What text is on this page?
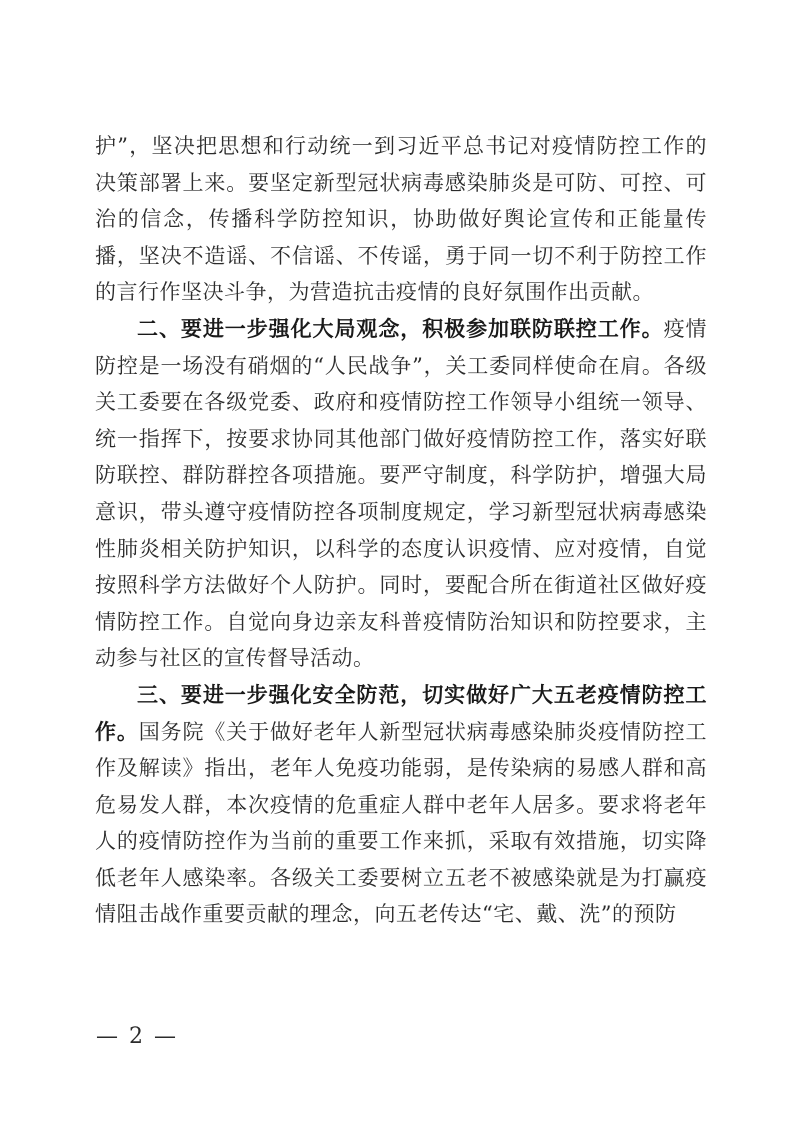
护”，坚决把思想和行动统一到习近平总书记对疫情防控工作的决策部署上来。要坚定新型冠状病毒感染肺炎是可防、可控、可治的信念，传播科学防控知识，协助做好舆论宣传和正能量传播，坚决不造谣、不信谣、不传谣，勇于同一切不利于防控工作的言行作坚决斗争，为营造抗击疫情的良好氛围作出贡献。

二、要进一步强化大局观念，积极参加联防联控工作。疫情防控是一场没有硝烟的“人民战争”，关工委同样使命在肩。各级关工委要在各级党委、政府和疫情防控工作领导小组统一领导、统一指挥下，按要求协同其他部门做好疫情防控工作，落实好联防联控、群防群控各项措施。要严守制度，科学防护，增强大局意识，带头遵守疫情防控各项制度规定，学习新型冠状病毒感染性肺炎相关防护知识，以科学的态度认识疫情、应对疫情，自觉按照科学方法做好个人防护。同时，要配合所在街道社区做好疫情防控工作。自觉向身边亲友科普疫情防治知识和防控要求，主动参与社区的宣传督导活动。

三、要进一步强化安全防范，切实做好广大五老疫情防控工作。国务院《关于做好老年人新型冠状病毒感染肺炎疫情防控工作及解读》指出，老年人免疫功能弱，是传染病的易感人群和高危易发人群，本次疫情的危重症人群中老年人居多。要求将老年人的疫情防控作为当前的重要工作来抓，采取有效措施，切实降低老年人感染率。各级关工委要树立五老不被感染就是为打赢疫情阻击战作重要贡献的理念，向五老传达“宅、戴、洗”的预防

— 2 —
